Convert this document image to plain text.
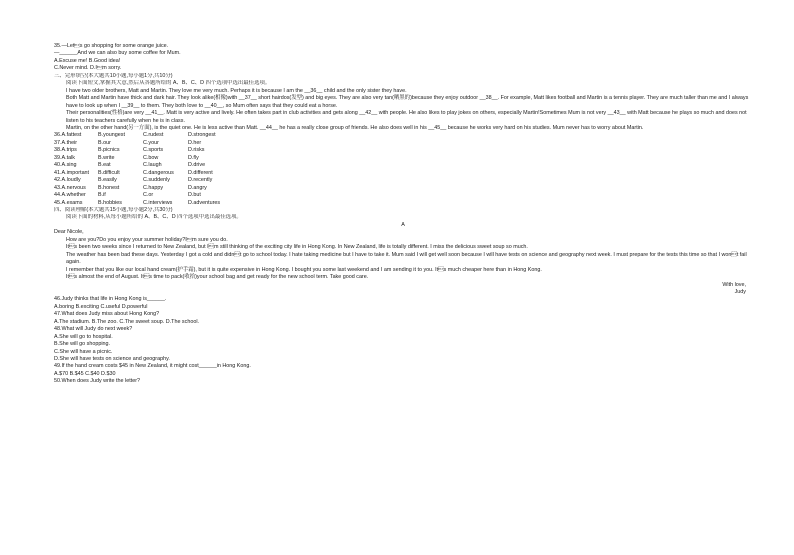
35.—Lets go shopping for some orange juice.
—______And we can also buy some coffee for Mum.
A.Excuse me! B.Good idea!
C.Never mind. D.Im sorry.
三、完形填空(本大题共10小题,每小题1分,共10分)
阅读下面短文,掌握其大意,然后从各题所给的 A、B、C、D 四个选项中选出最佳选项。
I have two older brothers, Matt and Martin. They love me very much. Perhaps it is because I am the __36__ child and the only sister they have.
Both Matt and Martin have thick and dark hair. They look alike(相像)with __37__ short hairdos(发型) and big eyes. They are also very tan(晒黑的)because they enjoy outdoor __38__. For example, Matt likes football and Martin is a tennis player. They are much taller than me and I always have to look up when I __39__ to them. They both love to __40__, so Mum often says that they could eat a horse.
Their personalities(性格)are very __41__. Matt is very active and lively. He often takes part in club activities and gets along __42__ with people. He also likes to play jokes on others, especially Martin!Sometimes Mum is not very __43__ with Matt because he plays so much and does not listen to his teachers carefully when he is in class.
Martin, on the other hand(另一方面), is the quiet one. He is less active than Matt. __44__ he has a really close group of friends. He also does well in his __45__ because he works very hard on his studies. Mum never has to worry about Martin.
36.A.fattest	B.youngest	C.rudest	D.strongest
37.A.their	B.our	C.your	D.her
38.A.trips	B.picnics	C.sports	D.risks
39.A.talk	B.write	C.bow	D.fly
40.A.sing	B.eat	C.laugh	D.drive
41.A.important	B.difficult	C.dangerous	D.different
42.A.loudly	B.easily	C.suddenly	D.recently
43.A.nervous	B.honest	C.happy	D.angry
44.A.whether	B.if	C.or	D.but
45.A.exams	B.hobbies	C.interviews	D.adventures
四、阅读理解(本大题共15小题,每小题2分,共30分)
阅读下面的材料,从每小题所给的 A、B、C、D 四个选项中选出最佳选项。
A
Dear Nicole,
How are you?Do you enjoy your summer holiday?Im sure you do.
Its been two weeks since I returned to New Zealand, but Im still thinking of the exciting city life in Hong Kong. In New Zealand, life is totally different. I miss the delicious sweet soup so much.
The weather has been bad these days. Yesterday I got a cold and didnt go to school today. I hate taking medicine but I have to take it. Mum said I will get well soon because I will have tests on science and geography next week. I must prepare for the tests this time so that I wont fail again.
I remember that you like our local hand cream(护手霜), but it is quite expensive in Hong Kong. I bought you some last weekend and I am sending it to you. Its much cheaper here than in Hong Kong.
Its almost the end of August. Its time to pack(收拾)your school bag and get ready for the new school term. Take good care.
With love,
Judy
46.Judy thinks that life in Hong Kong is______.
A.boring B.exciting C.useful D.powerful
47.What does Judy miss about Hong Kong?
A.The stadium. B.The zoo. C.The sweet soup. D.The school.
48.What will Judy do next week?
A.She will go to hospital.
B.She will go shopping.
C.She will have a picnic.
D.She will have tests on science and geography.
49.If the hand cream costs $45 in New Zealand, it might cost______in Hong Kong.
A.$70 B.$45 C.$40 D.$30
50.When does Judy write the letter?
